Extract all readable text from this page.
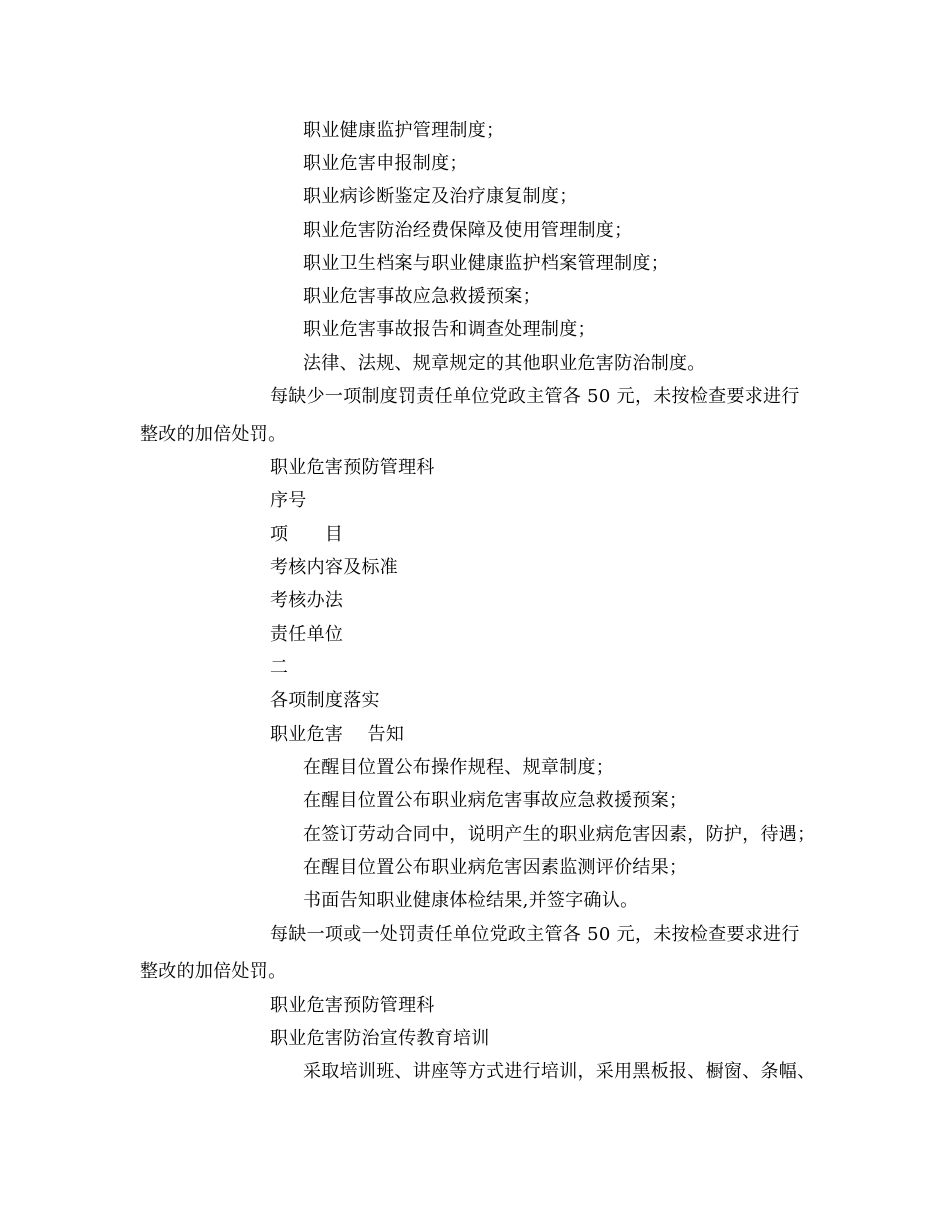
职业健康监护管理制度；
职业危害申报制度；
职业病诊断鉴定及治疗康复制度；
职业危害防治经费保障及使用管理制度；
职业卫生档案与职业健康监护档案管理制度；
职业危害事故应急救援预案；
职业危害事故报告和调查处理制度；
法律、法规、规章规定的其他职业危害防治制度。
每缺少一项制度罚责任单位党政主管各 50 元，未按检查要求进行
整改的加倍处罚。
职业危害预防管理科
序号
项　　目
考核内容及标准
考核办法
责任单位
二
各项制度落实
职业危害　 告知
在醒目位置公布操作规程、规章制度；
在醒目位置公布职业病危害事故应急救援预案；
在签订劳动合同中，说明产生的职业病危害因素，防护，待遇；
在醒目位置公布职业病危害因素监测评价结果；
书面告知职业健康体检结果,并签字确认。
每缺一项或一处罚责任单位党政主管各 50 元，未按检查要求进行
整改的加倍处罚。
职业危害预防管理科
职业危害防治宣传教育培训
采取培训班、讲座等方式进行培训，采用黑板报、橱窗、条幅、
